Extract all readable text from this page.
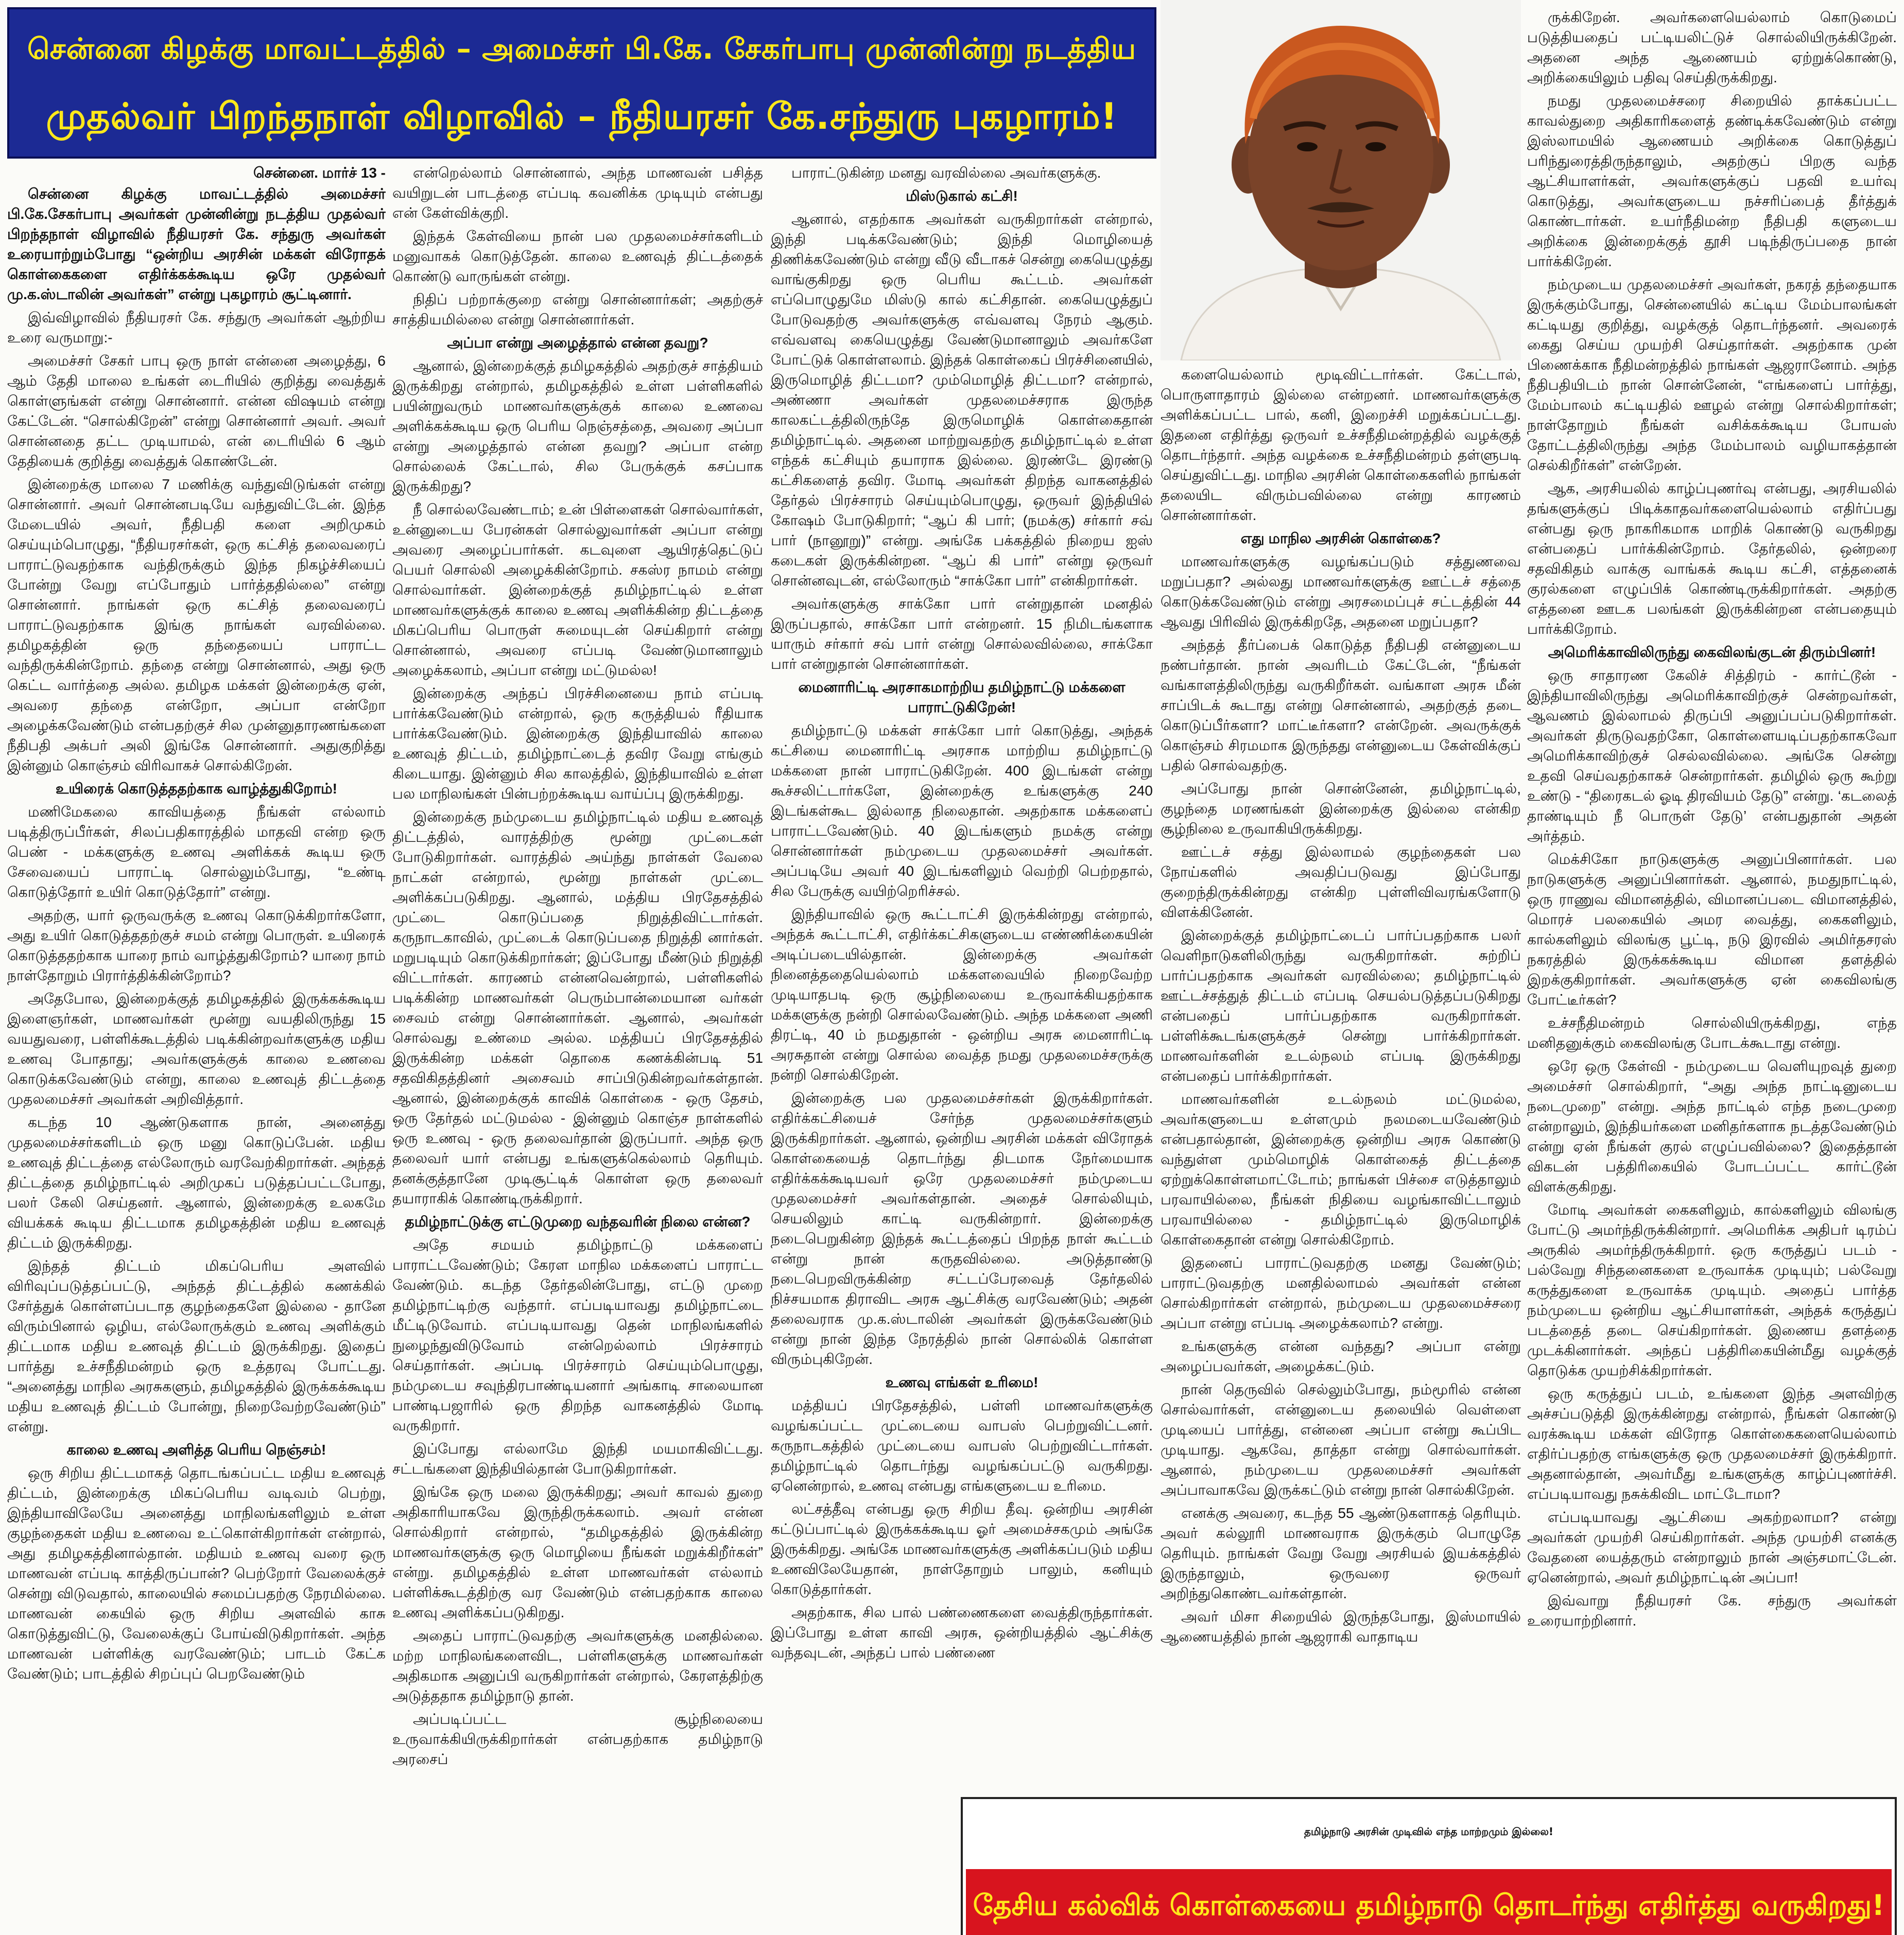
சென்னை கிழக்கு மாவட்டத்தில் – அமைச்சர் பி.கே. சேகர்பாபு முன்னின்று நடத்திய
முதல்வர் பிறந்தநாள் விழாவில் – நீதியரசர் கே.சந்துரு புகழாரம்!
சென்னை. மார்ச் 13 -

சென்னை கிழக்கு மாவட்டத்தில் அமைச்சர் பி.கே.சேகர்பாபு அவர்கள் முன்னின்று நடத்திய முதல்வர் பிறந்தநாள் விழாவில் நீதியரசர் கே. சந்துரு அவர்கள் உரையாற்றும்போது “ஒன்றிய அரசின் மக்கள் விரோதக் கொள்கைகளை எதிர்க்கக்கூடிய ஒரே முதல்வர் மு.க.ஸ்டாலின் அவர்கள்” என்று புகழாரம் சூட்டினார்.

இவ்விழாவில் நீதியரசர் கே. சந்துரு அவர்கள் ஆற்றிய உரை வருமாறு:-

அமைச்சர் சேகர் பாபு ஒரு நாள் என்னை அழைத்து, 6 ஆம் தேதி மாலை உங்கள் டைரியில் குறித்து வைத்துக் கொள்ளுங்கள் என்று சொன்னார். என்ன விஷயம் என்று கேட்டேன். “சொல்கிறேன்” என்று சொன்னார் அவர். அவர் சொன்னதை தட்ட முடியாமல், என் டைரியில் 6 ஆம் தேதியைக் குறித்து வைத்துக் கொண்டேன்.

இன்றைக்கு மாலை 7 மணிக்கு வந்துவிடுங்கள் என்று சொன்னார். அவர் சொன்னபடியே வந்துவிட்டேன். இந்த மேடையில் அவர், நீதிபதி களை அறிமுகம் செய்யும்பொழுது, “நீதியரசர்கள், ஒரு கட்சித் தலைவரைப் பாராட்டுவதற்காக வந்திருக்கும் இந்த நிகழ்ச்சியைப் போன்று வேறு எப்போதும் பார்த்ததில்லை” என்று சொன்னார். நாங்கள் ஒரு கட்சித் தலைவரைப் பாராட்டுவதற்காக இங்கு நாங்கள் வரவில்லை. தமிழகத்தின் ஒரு தந்தையைப் பாராட்ட வந்திருக்கின்றோம். தந்தை என்று சொன்னால், அது ஒரு கெட்ட வார்த்தை அல்ல. தமிழக மக்கள் இன்றைக்கு ஏன், அவரை தந்தை என்றோ, அப்பா என்றோ அழைக்கவேண்டும் என்பதற்குச் சில முன்னுதாரணங்களை நீதிபதி அக்பர் அலி இங்கே சொன்னார். அதுகுறித்து இன்னும் கொஞ்சம் விரிவாகச் சொல்கிறேன்.

உயிரைக் கொடுத்ததற்காக வாழ்த்துகிறோம்!

மணிமேகலை காவியத்தை நீங்கள் எல்லாம் படித்திருப்பீர்கள், சிலப்பதிகாரத்தில் மாதவி என்ற ஒரு பெண் - மக்களுக்கு உணவு அளிக்கக் கூடிய ஒரு சேவையைப் பாராட்டி சொல்லும்போது, “உண்டி கொடுத்தோர் உயிர் கொடுத்தோர்” என்று.

அதற்கு, யார் ஒருவருக்கு உணவு கொடுக்கிறார்களோ, அது உயிர் கொடுத்ததற்குச் சமம் என்று பொருள். உயிரைக் கொடுத்ததற்காக யாரை நாம் வாழ்த்துகிறோம்? யாரை நாம் நாள்தோறும் பிரார்த்திக்கின்றோம்?

அதேபோல, இன்றைக்குத் தமிழகத்தில் இருக்கக்கூடிய இளைஞர்கள், மாணவர்கள் மூன்று வயதிலிருந்து 15 வயதுவரை, பள்ளிக்கூடத்தில் படிக்கின்றவர்களுக்கு மதிய உணவு போதாது; அவர்களுக்குக் காலை உணவை கொடுக்கவேண்டும் என்று, காலை உணவுத் திட்டத்தை முதலமைச்சர் அவர்கள் அறிவித்தார்.

கடந்த 10 ஆண்டுகளாக நான், அனைத்து முதலமைச்சர்களிடம் ஒரு மனு கொடுப்பேன். மதிய உணவுத் திட்டத்தை எல்லோரும் வரவேற்கிறார்கள். அந்தத் திட்டத்தை தமிழ்நாட்டில் அறிமுகப் படுத்தப்பட்டபோது, பலர் கேலி செய்தனர். ஆனால், இன்றைக்கு உலகமே வியக்கக் கூடிய திட்டமாக தமிழகத்தின் மதிய உணவுத் திட்டம் இருக்கிறது.

இந்தத் திட்டம் மிகப்பெரிய அளவில் விரிவுப்படுத்தப்பட்டு, அந்தத் திட்டத்தில் கணக்கில் சேர்த்துக் கொள்ளப்படாத குழந்தைகளே இல்லை - தானே விரும்பினால் ஒழிய, எல்லோருக்கும் உணவு அளிக்கும் திட்டமாக மதிய உணவுத் திட்டம் இருக்கிறது. இதைப் பார்த்து உச்சநீதிமன்றம் ஒரு உத்தரவு போட்டது. “அனைத்து மாநில அரசுகளும், தமிழகத்தில் இருக்கக்கூடிய மதிய உணவுத் திட்டம் போன்று, நிறைவேற்றவேண்டும்” என்று.

காலை உணவு அளித்த பெரிய நெஞ்சம்!

ஒரு சிறிய திட்டமாகத் தொடங்கப்பட்ட மதிய உணவுத் திட்டம், இன்றைக்கு மிகப்பெரிய வடிவம் பெற்று, இந்தியாவிலேயே அனைத்து மாநிலங்களிலும் உள்ள குழந்தைகள் மதிய உணவை உட்கொள்கிறார்கள் என்றால், அது தமிழகத்தினால்தான். மதியம் உணவு வரை ஒரு மாணவன் எப்படி காத்திருப்பான்? பெற்றோர் வேலைக்குச் சென்று விடுவதால், காலையில் சமைப்பதற்கு நேரமில்லை. மாணவன் கையில் ஒரு சிறிய அளவில் காசு கொடுத்துவிட்டு, வேலைக்குப் போய்விடுகிறார்கள். அந்த மாணவன் பள்ளிக்கு வரவேண்டும்; பாடம் கேட்க வேண்டும்; பாடத்தில் சிறப்புப் பெறவேண்டும்

என்றெல்லாம் சொன்னால், அந்த மாணவன் பசித்த வயிறுடன் பாடத்தை எப்படி கவனிக்க முடியும் என்பது என் கேள்விக்குறி.

இந்தக் கேள்வியை நான் பல முதலமைச்சர்களிடம் மனுவாகக் கொடுத்தேன். காலை உணவுத் திட்டத்தைக் கொண்டு வாருங்கள் என்று.

நிதிப் பற்றாக்குறை என்று சொன்னார்கள்; அதற்குச் சாத்தியமில்லை என்று சொன்னார்கள்.

அப்பா என்று அழைத்தால் என்ன தவறு?

ஆனால், இன்றைக்குத் தமிழகத்தில் அதற்குச் சாத்தியம் இருக்கிறது என்றால், தமிழகத்தில் உள்ள பள்ளிகளில் பயின்றுவரும் மாணவர்களுக்குக் காலை உணவை அளிக்கக்கூடிய ஒரு பெரிய நெஞ்சத்தை, அவரை அப்பா என்று அழைத்தால் என்ன தவறு? அப்பா என்ற சொல்லைக் கேட்டால், சில பேருக்குக் கசப்பாக இருக்கிறது?

நீ சொல்லவேண்டாம்; உன் பிள்ளைகள் சொல்வார்கள், உன்னுடைய பேரன்கள் சொல்லுவார்கள் அப்பா என்று அவரை அழைப்பார்கள். கடவுளை ஆயிரத்தெட்டுப் பெயர் சொல்லி அழைக்கின்றோம். சகஸ்ர நாமம் என்று சொல்வார்கள். இன்றைக்குத் தமிழ்நாட்டில் உள்ள மாணவர்களுக்குக் காலை உணவு அளிக்கின்ற திட்டத்தை மிகப்பெரிய பொருள் சுமையுடன் செய்கிறார் என்று சொன்னால், அவரை எப்படி வேண்டுமானாலும் அழைக்கலாம், அப்பா என்று மட்டுமல்ல!

இன்றைக்கு அந்தப் பிரச்சினையை நாம் எப்படி பார்க்கவேண்டும் என்றால், ஒரு கருத்தியல் ரீதியாக பார்க்கவேண்டும். இன்றைக்கு இந்தியாவில் காலை உணவுத் திட்டம், தமிழ்நாட்டைத் தவிர வேறு எங்கும் கிடையாது. இன்னும் சில காலத்தில், இந்தியாவில் உள்ள பல மாநிலங்கள் பின்பற்றக்கூடிய வாய்ப்பு இருக்கிறது.

இன்றைக்கு நம்முடைய தமிழ்நாட்டில் மதிய உணவுத் திட்டத்தில், வாரத்திற்கு மூன்று முட்டைகள் போடுகிறார்கள். வாரத்தில் அய்ந்து நாள்கள் வேலை நாட்கள் என்றால், மூன்று நாள்கள் முட்டை அளிக்கப்படுகிறது. ஆனால், மத்திய பிரதேசத்தில் முட்டை கொடுப்பதை நிறுத்திவிட்டார்கள். கருநாடகாவில், முட்டைக் கொடுப்பதை நிறுத்தி னார்கள். மறுபடியும் கொடுக்கிறார்கள்; இப்போது மீண்டும் நிறுத்தி விட்டார்கள். காரணம் என்னவென்றால், பள்ளிகளில் படிக்கின்ற மாணவர்கள் பெரும்பான்மையான வர்கள் சைவம் என்று சொன்னார்கள். ஆனால், அவர்கள் சொல்வது உண்மை அல்ல. மத்தியப் பிரதேசத்தில் இருக்கின்ற மக்கள் தொகை கணக்கின்படி 51 சதவிகிதத்தினர் அசைவம் சாப்பிடுகின்றவர்கள்தான். ஆனால், இன்றைக்குக் காவிக் கொள்கை - ஒரு தேசம், ஒரு தேர்தல் மட்டுமல்ல - இன்னும் கொஞ்ச நாள்களில் ஒரு உணவு - ஒரு தலைவர்தான் இருப்பார். அந்த ஒரு தலைவர் யார் என்பது உங்களுக்கெல்லாம் தெரியும். தனக்குத்தானே முடிசூட்டிக் கொள்ள ஒரு தலைவர் தயாராகிக் கொண்டிருக்கிறார்.

தமிழ்நாட்டுக்கு எட்டுமுறை வந்தவரின் நிலை என்ன?

அதே சமயம் தமிழ்நாட்டு மக்களைப் பாராட்டவேண்டும்; கேரள மாநில மக்களைப் பாராட்ட வேண்டும். கடந்த தேர்தலின்போது, எட்டு முறை தமிழ்நாட்டிற்கு வந்தார். எப்படியாவது தமிழ்நாட்டை மீட்டிடுவோம். எப்படியாவது தென் மாநிலங்களில் நுழைந்துவிடுவோம் என்றெல்லாம் பிரச்சாரம் செய்தார்கள். அப்படி பிரச்சாரம் செய்யும்பொழுது, நம்முடைய சவுந்திரபாண்டியனார் அங்காடி சாலையான பாண்டிபஜாரில் ஒரு திறந்த வாகனத்தில் மோடி வருகிறார்.

இப்போது எல்லாமே இந்தி மயமாகிவிட்டது. சட்டங்களை இந்தியில்தான் போடுகிறார்கள்.

இங்கே ஒரு மலை இருக்கிறது; அவர் காவல் துறை அதிகாரியாகவே இருந்திருக்கலாம். அவர் என்ன சொல்கிறார் என்றால், “தமிழகத்தில் இருக்கின்ற மாணவர்களுக்கு ஒரு மொழியை நீங்கள் மறுக்கிறீர்கள்” என்று. தமிழகத்தில் உள்ள மாணவர்கள் எல்லாம் பள்ளிக்கூடத்திற்கு வர வேண்டும் என்பதற்காக காலை உணவு அளிக்கப்படுகிறது.

அதைப் பாராட்டுவதற்கு அவர்களுக்கு மனதில்லை. மற்ற மாநிலங்களைவிட, பள்ளிகளுக்கு மாணவர்கள் அதிகமாக அனுப்பி வருகிறார்கள் என்றால், கேரளத்திற்கு அடுத்ததாக தமிழ்நாடு தான்.

அப்படிப்பட்ட சூழ்நிலையை உருவாக்கியிருக்கிறார்கள் என்பதற்காக தமிழ்நாடு அரசைப்

பாராட்டுகின்ற மனது வரவில்லை அவர்களுக்கு.

மிஸ்டுகால் கட்சி!

ஆனால், எதற்காக அவர்கள் வருகிறார்கள் என்றால், இந்தி படிக்கவேண்டும்; இந்தி மொழியைத் திணிக்கவேண்டும் என்று வீடு வீடாகச் சென்று கையெழுத்து வாங்குகிறது ஒரு பெரிய கூட்டம். அவர்கள் எப்பொழுதுமே மிஸ்டு கால் கட்சிதான். கையெழுத்துப் போடுவதற்கு அவர்களுக்கு எவ்வளவு நேரம் ஆகும். எவ்வளவு கையெழுத்து வேண்டுமானாலும் அவர்களே போட்டுக் கொள்ளலாம். இந்தக் கொள்கைப் பிரச்சினையில், இருமொழித் திட்டமா? மும்மொழித் திட்டமா? என்றால், அண்ணா அவர்கள் முதலமைச்சராக இருந்த காலகட்டத்திலிருந்தே இருமொழிக் கொள்கைதான் தமிழ்நாட்டில். அதனை மாற்றுவதற்கு தமிழ்நாட்டில் உள்ள எந்தக் கட்சியும் தயாராக இல்லை. இரண்டே இரண்டு கட்சிகளைத் தவிர. மோடி அவர்கள் திறந்த வாகனத்தில் தேர்தல் பிரச்சாரம் செய்யும்பொழுது, ஒருவர் இந்தியில் கோஷம் போடுகிறார்; “ஆப் கி பார்; (நமக்கு) சர்கார் சவ் பார் (நானூறு)” என்று. அங்கே பக்கத்தில் நிறைய ஐஸ் கடைகள் இருக்கின்றன. “ஆப் கி பார்” என்று ஒருவர் சொன்னவுடன், எல்லோரும் “சாக்கோ பார்” என்கிறார்கள்.

அவர்களுக்கு சாக்கோ பார் என்றுதான் மனதில் இருப்பதால், சாக்கோ பார் என்றனர். 15 நிமிடங்களாக யாரும் சர்கார் சவ் பார் என்று சொல்லவில்லை, சாக்கோ பார் என்றுதான் சொன்னார்கள்.

மைனாரிட்டி அரசாகமாற்றிய தமிழ்நாட்டு மக்களை பாராட்டுகிறேன்!

தமிழ்நாட்டு மக்கள் சாக்கோ பார் கொடுத்து, அந்தக் கட்சியை மைனாரிட்டி அரசாக மாற்றிய தமிழ்நாட்டு மக்களை நான் பாராட்டுகிறேன். 400 இடங்கள் என்று கூச்சலிட்டார்களே, இன்றைக்கு உங்களுக்கு 240 இடங்கள்கூட இல்லாத நிலைதான். அதற்காக மக்களைப் பாராட்டவேண்டும். 40 இடங்களும் நமக்கு என்று சொன்னார்கள் நம்முடைய முதலமைச்சர் அவர்கள். அப்படியே அவர் 40 இடங்களிலும் வெற்றி பெற்றதால், சில பேருக்கு வயிற்றெரிச்சல்.

இந்தியாவில் ஒரு கூட்டாட்சி இருக்கின்றது என்றால், அந்தக் கூட்டாட்சி, எதிர்க்கட்சிகளுடைய எண்ணிக்கையின் அடிப்படையில்தான். இன்றைக்கு அவர்கள் நினைத்ததையெல்லாம் மக்களவையில் நிறைவேற்ற முடியாதபடி ஒரு சூழ்நிலையை உருவாக்கியதற்காக மக்களுக்கு நன்றி சொல்லவேண்டும். அந்த மக்களை அணி திரட்டி, 40 ம் நமதுதான் - ஒன்றிய அரசு மைனாரிட்டி அரசுதான் என்று சொல்ல வைத்த நமது முதலமைச்சருக்கு நன்றி சொல்கிறேன்.

இன்றைக்கு பல முதலமைச்சர்கள் இருக்கிறார்கள். எதிர்க்கட்சியைச் சேர்ந்த முதலமைச்சர்களும் இருக்கிறார்கள். ஆனால், ஒன்றிய அரசின் மக்கள் விரோதக் கொள்கையைத் தொடர்ந்து திடமாக நேர்மையாக எதிர்க்கக்கூடியவர் ஒரே முதலமைச்சர் நம்முடைய முதலமைச்சர் அவர்கள்தான். அதைச் சொல்லியும், செயலிலும் காட்டி வருகின்றார். இன்றைக்கு நடைபெறுகின்ற இந்தக் கூட்டத்தைப் பிறந்த நாள் கூட்டம் என்று நான் கருதவில்லை. அடுத்தாண்டு நடைபெறவிருக்கின்ற சட்டப்பேரவைத் தேர்தலில் நிச்சயமாக திராவிட அரசு ஆட்சிக்கு வரவேண்டும்; அதன் தலைவராக மு.க.ஸ்டாலின் அவர்கள் இருக்கவேண்டும் என்று நான் இந்த நேரத்தில் நான் சொல்லிக் கொள்ள விரும்புகிறேன்.

உணவு எங்கள் உரிமை!

மத்தியப் பிரதேசத்தில், பள்ளி மாணவர்களுக்கு வழங்கப்பட்ட முட்டையை வாபஸ் பெற்றுவிட்டனர். கருநாடகத்தில் முட்டையை வாபஸ் பெற்றுவிட்டார்கள். தமிழ்நாட்டில் தொடர்ந்து வழங்கப்பட்டு வருகிறது. ஏனென்றால், உணவு என்பது எங்களுடைய உரிமை.

லட்சத்தீவு என்பது ஒரு சிறிய தீவு. ஒன்றிய அரசின் கட்டுப்பாட்டில் இருக்கக்கூடிய ஓர் அமைச்சகமும் அங்கே இருக்கிறது. அங்கே மாணவர்களுக்கு அளிக்கப்படும் மதிய உணவிலேயேதான், நாள்தோறும் பாலும், கனியும் கொடுத்தார்கள்.

அதற்காக, சில பால் பண்ணைகளை வைத்திருந்தார்கள். இப்போது உள்ள காவி அரசு, ஒன்றியத்தில் ஆட்சிக்கு வந்தவுடன், அந்தப் பால் பண்ணை

களையெல்லாம் மூடிவிட்டார்கள். கேட்டால், பொருளாதாரம் இல்லை என்றனர். மாணவர்களுக்கு அளிக்கப்பட்ட பால், கனி, இறைச்சி மறுக்கப்பட்டது. இதனை எதிர்த்து ஒருவர் உச்சநீதிமன்றத்தில் வழக்குத் தொடர்ந்தார். அந்த வழக்கை உச்சநீதிமன்றம் தள்ளுபடி செய்துவிட்டது. மாநில அரசின் கொள்கைகளில் நாங்கள் தலையிட விரும்பவில்லை என்று காரணம் சொன்னார்கள்.

எது மாநில அரசின் கொள்கை?

மாணவர்களுக்கு வழங்கப்படும் சத்துணவை மறுப்பதா? அல்லது மாணவர்களுக்கு ஊட்டச் சத்தை கொடுக்கவேண்டும் என்று அரசமைப்புச் சட்டத்தின் 44 ஆவது பிரிவில் இருக்கிறதே, அதனை மறுப்பதா?

அந்தத் தீர்ப்பைக் கொடுத்த நீதிபதி என்னுடைய நண்பர்தான். நான் அவரிடம் கேட்டேன், “நீங்கள் வங்காளத்திலிருந்து வருகிறீர்கள். வங்காள அரசு மீன் சாப்பிடக் கூடாது என்று சொன்னால், அதற்குத் தடை கொடுப்பீர்களா? மாட்டீர்களா? என்றேன். அவருக்குக் கொஞ்சம் சிரமமாக இருந்தது என்னுடைய கேள்விக்குப் பதில் சொல்வதற்கு.

அப்போது நான் சொன்னேன், தமிழ்நாட்டில், குழந்தை மரணங்கள் இன்றைக்கு இல்லை என்கிற சூழ்நிலை உருவாகியிருக்கிறது.

ஊட்டச் சத்து இல்லாமல் குழந்தைகள் பல நோய்களில் அவதிப்படுவது இப்போது குறைந்திருக்கின்றது என்கிற புள்ளிவிவரங்களோடு விளக்கினேன்.

இன்றைக்குத் தமிழ்நாட்டைப் பார்ப்பதற்காக பலர் வெளிநாடுகளிலிருந்து வருகிறார்கள். சுற்றிப் பார்ப்பதற்காக அவர்கள் வரவில்லை; தமிழ்நாட்டில் ஊட்டச்சத்துத் திட்டம் எப்படி செயல்படுத்தப்படுகிறது என்பதைப் பார்ப்பதற்காக வருகிறார்கள். பள்ளிக்கூடங்களுக்குச் சென்று பார்க்கிறார்கள். மாணவர்களின் உடல்நலம் எப்படி இருக்கிறது என்பதைப் பார்க்கிறார்கள்.

மாணவர்களின் உடல்நலம் மட்டுமல்ல, அவர்களுடைய உள்ளமும் நலமடையவேண்டும் என்பதால்தான், இன்றைக்கு ஒன்றிய அரசு கொண்டு வந்துள்ள மும்மொழிக் கொள்கைத் திட்டத்தை ஏற்றுக்கொள்ளமாட்டோம்; நாங்கள் பிச்சை எடுத்தாலும் பரவாயில்லை, நீங்கள் நிதியை வழங்காவிட்டாலும் பரவாயில்லை - தமிழ்நாட்டில் இருமொழிக் கொள்கைதான் என்று சொல்கிறோம்.

இதனைப் பாராட்டுவதற்கு மனது வேண்டும்; பாராட்டுவதற்கு மனதில்லாமல் அவர்கள் என்ன சொல்கிறார்கள் என்றால், நம்முடைய முதலமைச்சரை அப்பா என்று எப்படி அழைக்கலாம்? என்று.

உங்களுக்கு என்ன வந்தது? அப்பா என்று அழைப்பவர்கள், அழைக்கட்டும்.

நான் தெருவில் செல்லும்போது, நம்மூரில் என்ன சொல்வார்கள், என்னுடைய தலையில் வெள்ளை முடியைப் பார்த்து, என்னை அப்பா என்று கூப்பிட முடியாது. ஆகவே, தாத்தா என்று சொல்வார்கள். ஆனால், நம்முடைய முதலமைச்சர் அவர்கள் அப்பாவாகவே இருக்கட்டும் என்று நான் சொல்கிறேன்.

எனக்கு அவரை, கடந்த 55 ஆண்டுகளாகத் தெரியும். அவர் கல்லூரி மாணவராக இருக்கும் பொழுதே தெரியும். நாங்கள் வேறு வேறு அரசியல் இயக்கத்தில் இருந்தாலும், ஒருவரை ஒருவர் அறிந்துகொண்டவர்கள்தான்.

அவர் மிசா சிறையில் இருந்தபோது, இஸ்மாயில் ஆணையத்தில் நான் ஆஜராகி வாதாடிய

ருக்கிறேன். அவர்களையெல்லாம் கொடுமைப் படுத்தியதைப் பட்டியலிட்டுச் சொல்லியிருக்கிறேன். அதனை அந்த ஆணையம் ஏற்றுக்கொண்டு, அறிக்கையிலும் பதிவு செய்திருக்கிறது.

நமது முதலமைச்சரை சிறையில் தாக்கப்பட்ட காவல்துறை அதிகாரிகளைத் தண்டிக்கவேண்டும் என்று இஸ்லாமயில் ஆணையம் அறிக்கை கொடுத்துப் பரிந்துரைத்திருந்தாலும், அதற்குப் பிறகு வந்த ஆட்சியாளர்கள், அவர்களுக்குப் பதவி உயர்வு கொடுத்து, அவர்களுடைய நச்சரிப்பைத் தீர்த்துக் கொண்டார்கள். உயர்நீதிமன்ற நீதிபதி களுடைய அறிக்கை இன்றைக்குத் தூசி படிந்திருப்பதை நான் பார்க்கிறேன்.

நம்முடைய முதலமைச்சர் அவர்கள், நகரத் தந்தையாக இருக்கும்போது, சென்னையில் கட்டிய மேம்பாலங்கள் கட்டியது குறித்து, வழக்குத் தொடர்ந்தனர். அவரைக் கைது செய்ய முயற்சி செய்தார்கள். அதற்காக முன் பிணைக்காக நீதிமன்றத்தில் நாங்கள் ஆஜரானோம். அந்த நீதிபதியிடம் நான் சொன்னேன், “எங்களைப் பார்த்து, மேம்பாலம் கட்டியதில் ஊழல் என்று சொல்கிறார்கள்; நாள்தோறும் நீங்கள் வசிக்கக்கூடிய போயஸ் தோட்டத்திலிருந்து அந்த மேம்பாலம் வழியாகத்தான் செல்கிறீர்கள்” என்றேன்.

ஆக, அரசியலில் காழ்ப்புணர்வு என்பது, அரசியலில் தங்களுக்குப் பிடிக்காதவர்களையெல்லாம் எதிர்ப்பது என்பது ஒரு நாகரிகமாக மாறிக் கொண்டு வருகிறது என்பதைப் பார்க்கின்றோம். தேர்தலில், ஒன்றரை சதவிகிதம் வாக்கு வாங்கக் கூடிய கட்சி, எத்தனைக் குரல்களை எழுப்பிக் கொண்டிருக்கிறார்கள். அதற்கு எத்தனை ஊடக பலங்கள் இருக்கின்றன என்பதையும் பார்க்கிறோம்.

அமெரிக்காவிலிருந்து கைவிலங்குடன் திரும்பினர்!

ஒரு சாதாரண கேலிச் சித்திரம் - கார்ட்டூன் - இந்தியாவிலிருந்து அமெரிக்காவிற்குச் சென்றவர்கள், ஆவணம் இல்லாமல் திருப்பி அனுப்பப்படுகிறார்கள். அவர்கள் திருடுவதற்கோ, கொள்ளையடிப்பதற்காகவோ அமெரிக்காவிற்குச் செல்லவில்லை. அங்கே சென்று உதவி செய்வதற்காகச் சென்றார்கள். தமிழில் ஒரு கூற்று உண்டு - “திரைகடல் ஓடி திரவியம் தேடு” என்று. ‘கடலைத் தாண்டியும் நீ பொருள் தேடு’ என்பதுதான் அதன் அர்த்தம்.

மெக்சிகோ நாடுகளுக்கு அனுப்பினார்கள். பல நாடுகளுக்கு அனுப்பினார்கள். ஆனால், நமதுநாட்டில், ஒரு ராணுவ விமானத்தில், விமானப்படை விமானத்தில், மொரச் பலகையில் அமர வைத்து, கைகளிலும், கால்களிலும் விலங்கு பூட்டி, நடு இரவில் அமிர்தசரஸ் நகரத்தில் இருக்கக்கூடிய விமான தளத்தில் இறக்குகிறார்கள். அவர்களுக்கு ஏன் கைவிலங்கு போட்டீர்கள்?

உச்சநீதிமன்றம் சொல்லியிருக்கிறது, எந்த மனிதனுக்கும் கைவிலங்கு போடக்கூடாது என்று.

ஒரே ஒரு கேள்வி - நம்முடைய வெளியுறவுத் துறை அமைச்சர் சொல்கிறார், “அது அந்த நாட்டினுடைய நடைமுறை” என்று. அந்த நாட்டில் எந்த நடைமுறை என்றாலும், இந்தியர்களை மனிதர்களாக நடத்தவேண்டும் என்று ஏன் நீங்கள் குரல் எழுப்பவில்லை? இதைத்தான் விகடன் பத்திரிகையில் போடப்பட்ட கார்ட்டூன் விளக்குகிறது.

மோடி அவர்கள் கைகளிலும், கால்களிலும் விலங்கு போட்டு அமர்ந்திருக்கின்றார். அமெரிக்க அதிபர் டிரம்ப் அருகில் அமர்ந்திருக்கிறார். ஒரு கருத்துப் படம் - பல்வேறு சிந்தனைகளை உருவாக்க முடியும்; பல்வேறு கருத்துகளை உருவாக்க முடியும். அதைப் பார்த்த நம்முடைய ஒன்றிய ஆட்சியாளர்கள், அந்தக் கருத்துப் படத்தைத் தடை செய்கிறார்கள். இணைய தளத்தை முடக்கினார்கள். அந்தப் பத்திரிகையின்மீது வழக்குத் தொடுக்க முயற்சிக்கிறார்கள்.

ஒரு கருத்துப் படம், உங்களை இந்த அளவிற்கு அச்சப்படுத்தி இருக்கின்றது என்றால், நீங்கள் கொண்டு வரக்கூடிய மக்கள் விரோத கொள்கைகளையெல்லாம் எதிர்ப்பதற்கு எங்களுக்கு ஒரு முதலமைச்சர் இருக்கிறார். அதனால்தான், அவர்மீது உங்களுக்கு காழ்ப்புணர்ச்சி. எப்படியாவது நசுக்கிவிட மாட்டோமா?

எப்படியாவது ஆட்சியை அகற்றலாமா? என்று அவர்கள் முயற்சி செய்கிறார்கள். அந்த முயற்சி எனக்கு வேதனை யைத்தரும் என்றாலும் நான் அஞ்சமாட்டேன். ஏனென்றால், அவர் தமிழ்நாட்டின் அப்பா!

இவ்வாறு நீதியரசர் கே. சந்துரு அவர்கள் உரையாற்றினார்.

தமிழ்நாடு அரசின் முடிவில் எந்த மாற்றமும் இல்லை!
தேசிய கல்விக் கொள்கையை தமிழ்நாடு தொடர்ந்து எதிர்த்து வருகிறது!
